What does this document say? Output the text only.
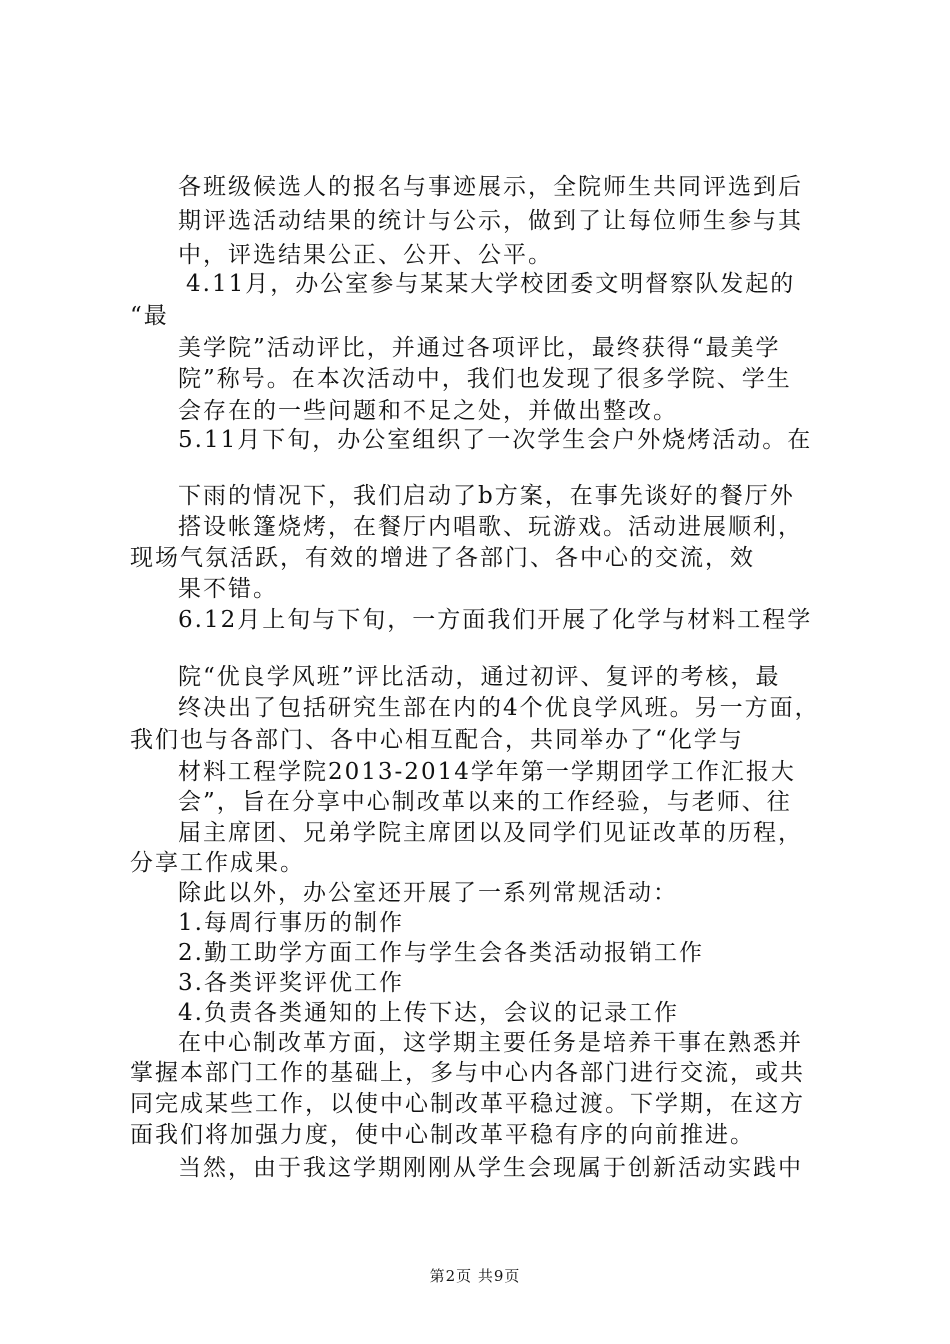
各班级候选人的报名与事迹展示，全院师生共同评选到后
期评选活动结果的统计与公示，做到了让每位师生参与其
中，评选结果公正、公开、公平。
4.11月，办公室参与某某大学校团委文明督察队发起的
“最
美学院”活动评比，并通过各项评比，最终获得“最美学
院”称号。在本次活动中，我们也发现了很多学院、学生
会存在的一些问题和不足之处，并做出整改。
5.11月下旬，办公室组织了一次学生会户外烧烤活动。在
下雨的情况下，我们启动了b方案，在事先谈好的餐厅外
搭设帐篷烧烤，在餐厅内唱歌、玩游戏。活动进展顺利，
现场气氛活跃，有效的增进了各部门、各中心的交流，效
果不错。
6.12月上旬与下旬，一方面我们开展了化学与材料工程学
院“优良学风班”评比活动，通过初评、复评的考核，最
终决出了包括研究生部在内的4个优良学风班。另一方面，
我们也与各部门、各中心相互配合，共同举办了“化学与
材料工程学院2013-2014学年第一学期团学工作汇报大
会”，旨在分享中心制改革以来的工作经验，与老师、往
届主席团、兄弟学院主席团以及同学们见证改革的历程，
分享工作成果。
除此以外，办公室还开展了一系列常规活动：
1.每周行事历的制作
2.勤工助学方面工作与学生会各类活动报销工作
3.各类评奖评优工作
4.负责各类通知的上传下达，会议的记录工作
在中心制改革方面，这学期主要任务是培养干事在熟悉并
掌握本部门工作的基础上，多与中心内各部门进行交流，或共
同完成某些工作，以使中心制改革平稳过渡。下学期，在这方
面我们将加强力度，使中心制改革平稳有序的向前推进。
当然，由于我这学期刚刚从学生会现属于创新活动实践中
第2页 共9页
